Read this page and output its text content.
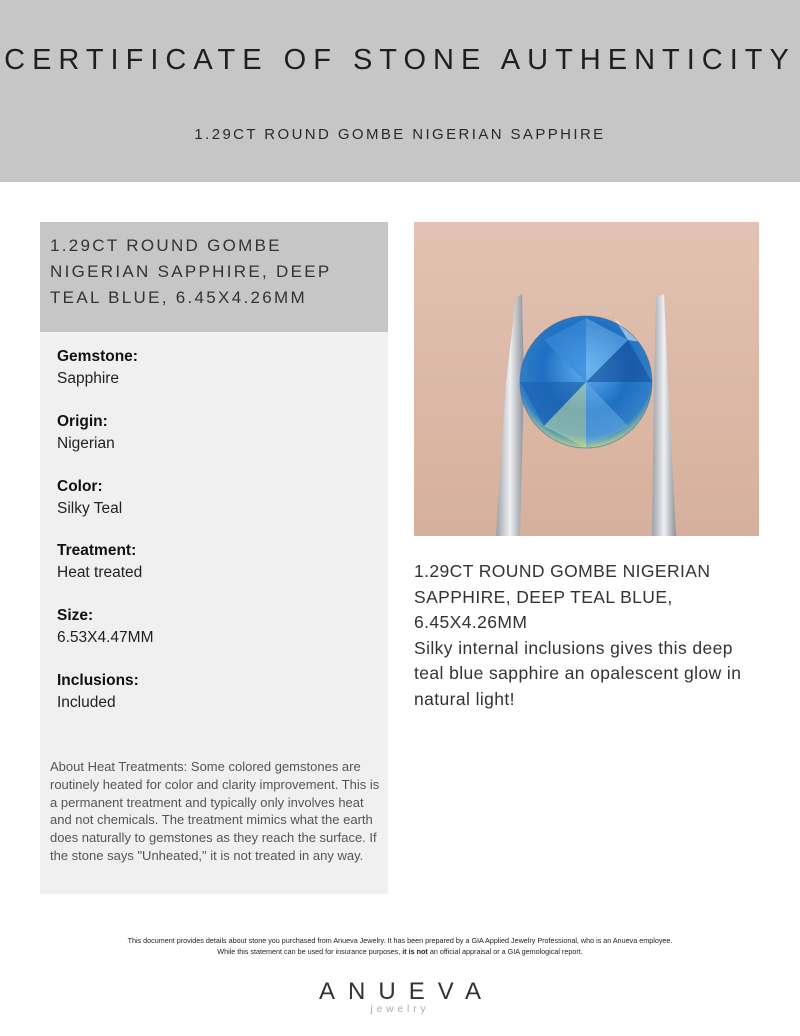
CERTIFICATE OF STONE AUTHENTICITY
1.29CT ROUND GOMBE NIGERIAN SAPPHIRE
1.29CT ROUND GOMBE NIGERIAN SAPPHIRE, DEEP TEAL BLUE, 6.45X4.26MM
Gemstone:
Sapphire
Origin:
Nigerian
Color:
Silky Teal
Treatment:
Heat treated
Size:
6.53X4.47MM
Inclusions:
Included
About Heat Treatments: Some colored gemstones are routinely heated for color and clarity improvement. This is a permanent treatment and typically only involves heat and not chemicals. The treatment mimics what the earth does naturally to gemstones as they reach the surface. If the stone says "Unheated," it is not treated in any way.
1.29CT ROUND GOMBE NIGERIAN SAPPHIRE, DEEP TEAL BLUE, 6.45X4.26MM
Silky internal inclusions gives this deep teal blue sapphire an opalescent glow in natural light!
This document provides details about stone you purchased from Anueva Jewelry. It has been prepared by a GIA Applied Jewelry Professional, who is an Anueva employee.
While this statement can be used for insurance purposes, it is not an official appraisal or a GIA gemological report.
ANUEVA
jewelry
